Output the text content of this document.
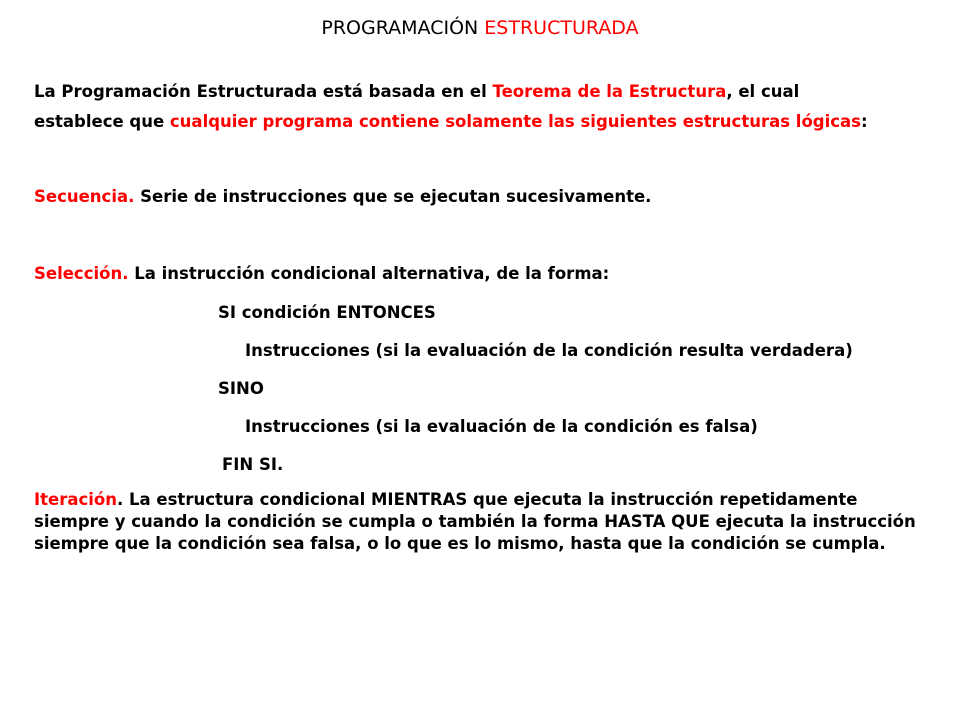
PROGRAMACIÓN ESTRUCTURADA
La Programación Estructurada está basada en el Teorema de la Estructura, el cual
establece que cualquier programa contiene solamente las siguientes estructuras lógicas:
Secuencia. Serie de instrucciones que se ejecutan sucesivamente.
Selección. La instrucción condicional alternativa, de la forma:
SI condición ENTONCES
Instrucciones (si la evaluación de la condición resulta verdadera)
SINO
Instrucciones (si la evaluación de la condición es falsa)
FIN SI.
Iteración. La estructura condicional MIENTRAS que ejecuta la instrucción repetidamente siempre y cuando la condición se cumpla o también la forma HASTA QUE ejecuta la instrucción siempre que la condición sea falsa, o lo que es lo mismo, hasta que la condición se cumpla.
